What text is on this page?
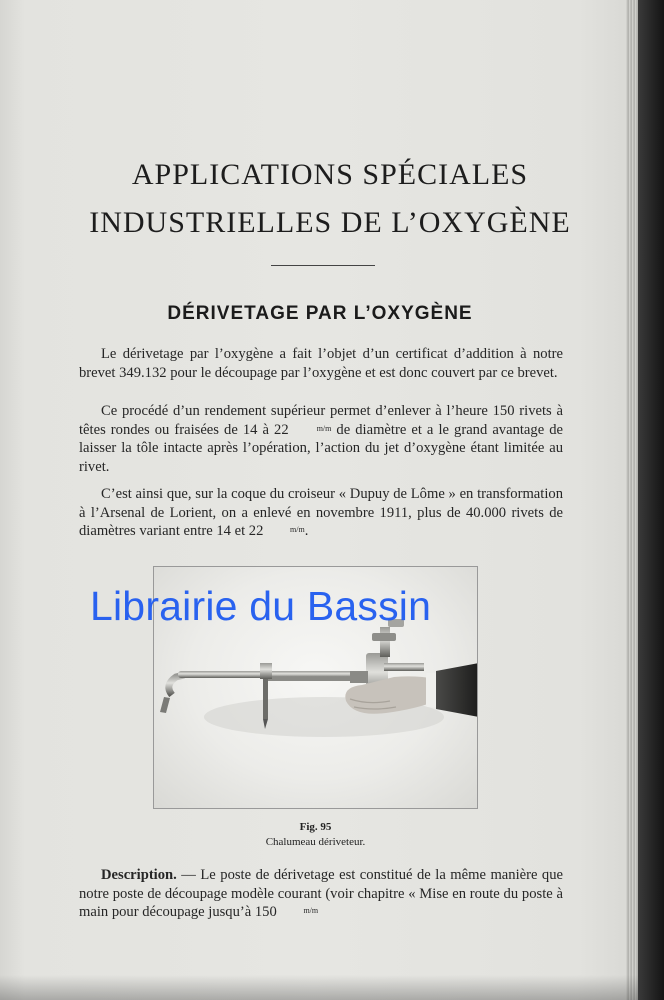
APPLICATIONS SPÉCIALES
INDUSTRIELLES DE L’OXYGÈNE
DÉRIVETAGE PAR L’OXYGÈNE

Le dérivetage par l’oxygène a fait l’objet d’un certificat d’addition à notre brevet 349.132 pour le découpage par l’oxygène et est donc couvert par ce brevet.

Ce procédé d’un rendement supérieur permet d’enlever à l’heure 150 rivets à têtes rondes ou fraisées de 14 à 22	m/m de diamètre et a le grand avantage de laisser la tôle intacte après l’opération, l’action du jet d’oxygène étant limitée au rivet.

C’est ainsi que, sur la coque du croiseur « Dupuy de Lôme » en transformation à l’Arsenal de Lorient, on a enlevé en novembre 1911, plus de 40.000 rivets de diamètres variant entre 14 et 22	m/m.

Librairie du Bassin

Fig. 95

Chalumeau dériveteur.

Description. — Le poste de dérivetage est constitué de la même manière que notre poste de découpage modèle courant (voir chapitre « Mise en route du poste à main pour découpage jusqu’à 150	m/m
